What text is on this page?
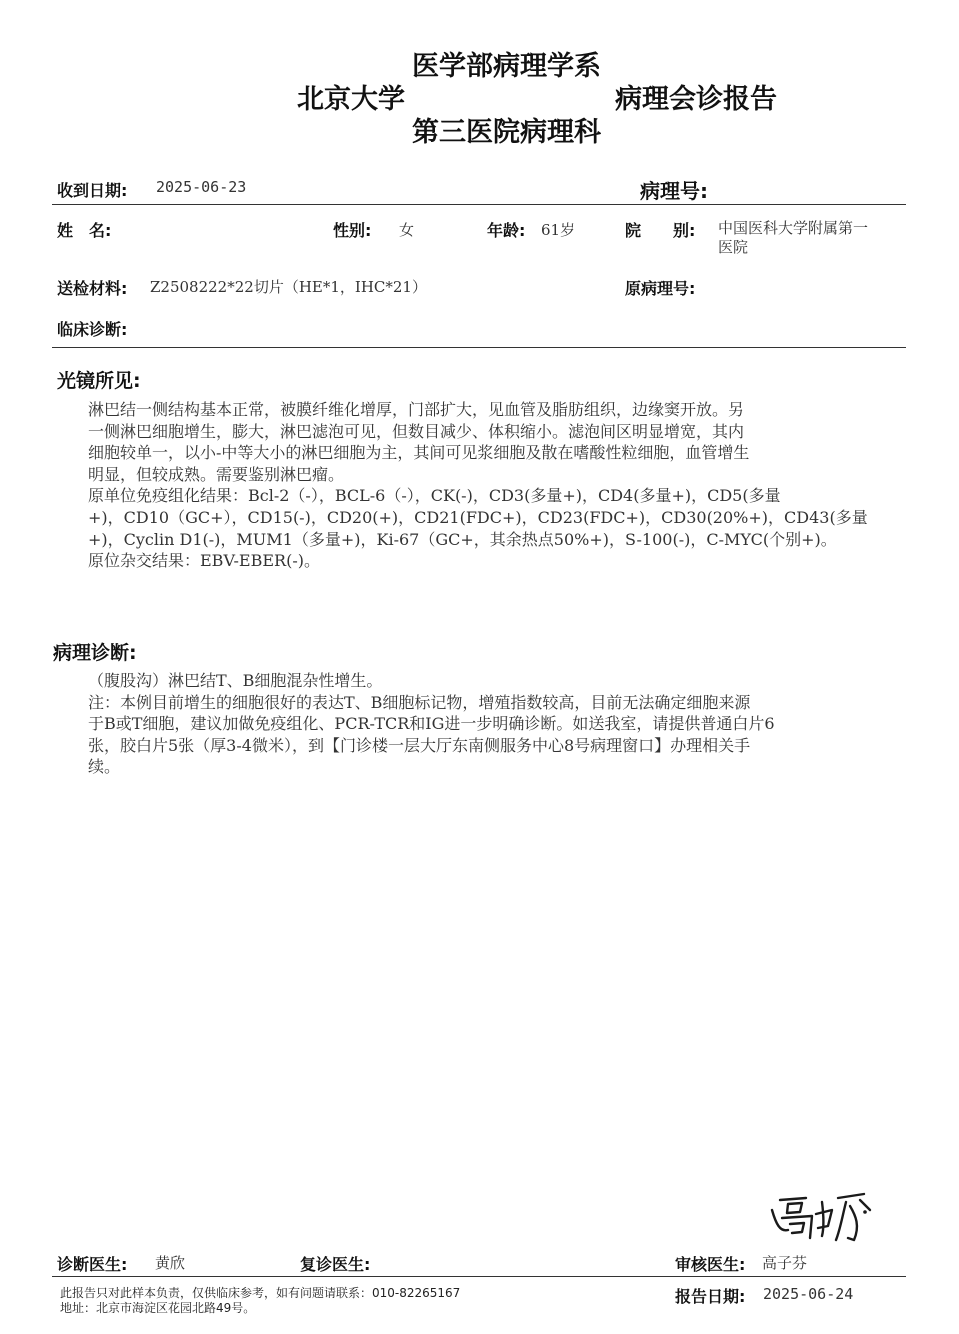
医学部病理学系
北京大学	病理会诊报告
第三医院病理科
收到日期: 2025-06-23	病理号:
姓　名:	性别: 女	年龄: 61岁	院　　别: 中国医科大学附属第一
医院
送检材料: Z2508222*22切片（HE*1，IHC*21）	原病理号:
临床诊断:
光镜所见:
淋巴结一侧结构基本正常，被膜纤维化增厚，门部扩大，见血管及脂肪组织，边缘窦开放。另
一侧淋巴细胞增生，膨大，淋巴滤泡可见，但数目减少、体积缩小。滤泡间区明显增宽，其内
细胞较单一，以小-中等大小的淋巴细胞为主，其间可见浆细胞及散在嗜酸性粒细胞，血管增生
明显，但较成熟。需要鉴别淋巴瘤。
原单位免疫组化结果：Bcl-2（-），BCL-6（-），CK(-)，CD3(多量+)，CD4(多量+)，CD5(多量
+)，CD10（GC+），CD15(-)，CD20(+)，CD21(FDC+)，CD23(FDC+)，CD30(20%+)，CD43(多量
+)，Cyclin D1(-)，MUM1（多量+)，Ki-67（GC+，其余热点50%+)，S-100(-)，C-MYC(个别+)。
原位杂交结果：EBV-EBER(-)。
病理诊断:
（腹股沟）淋巴结T、B细胞混杂性增生。
注：本例目前增生的细胞很好的表达T、B细胞标记物，增殖指数较高，目前无法确定细胞来源
于B或T细胞，建议加做免疫组化、PCR-TCR和IG进一步明确诊断。如送我室，请提供普通白片6
张，胶白片5张（厚3-4微米），到【门诊楼一层大厅东南侧服务中心8号病理窗口】办理相关手
续。
诊断医生: 黄欣	复诊医生:	审核医生: 高子芬
此报告只对此样本负责，仅供临床参考，如有问题请联系：010-82265167
地址：北京市海淀区花园北路49号。
报告日期: 2025-06-24
